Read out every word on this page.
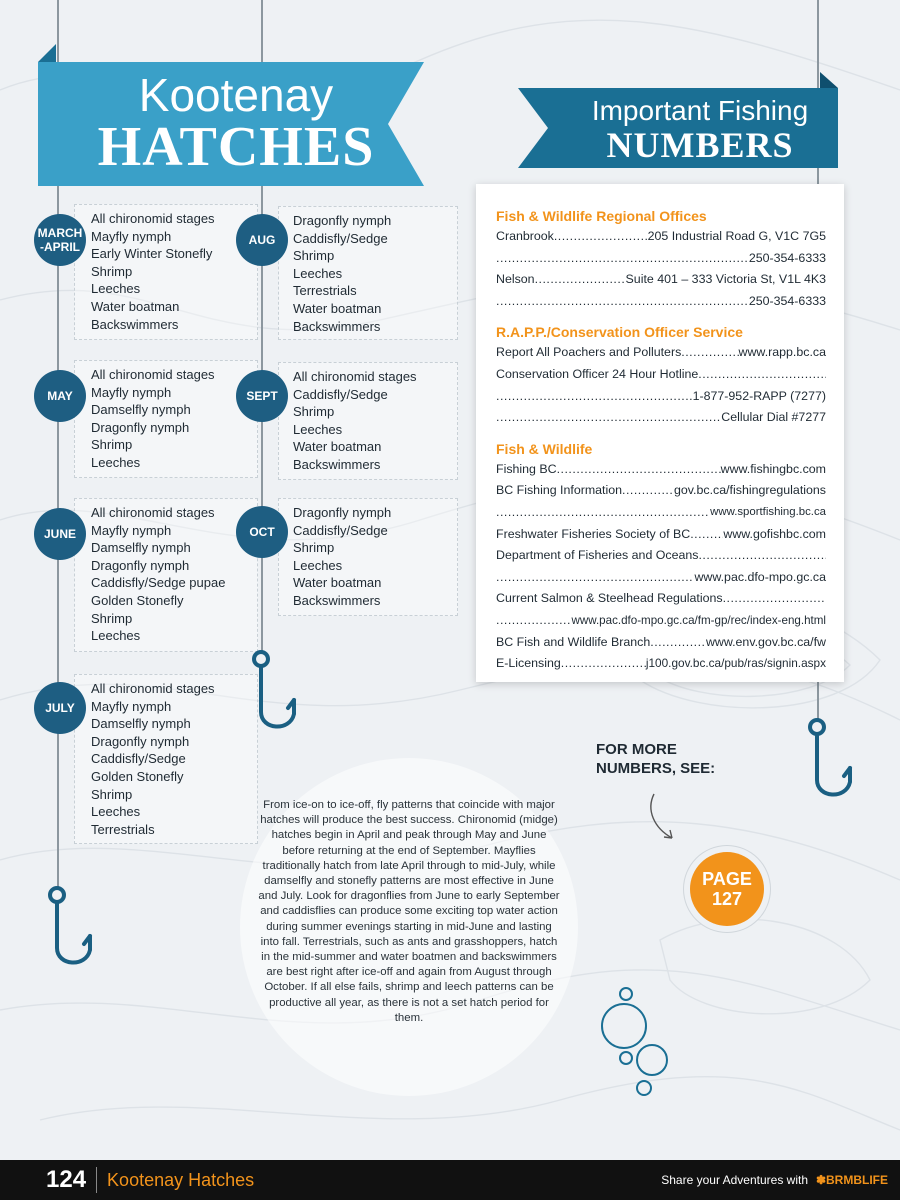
Kootenay
HATCHES
Important Fishing
NUMBERS
MARCH
-APRIL
All chironomid stages
Mayfly nymph
Early Winter Stonefly
Shrimp
Leeches
Water boatman
Backswimmers
MAY
All chironomid stages
Mayfly nymph
Damselfly nymph
Dragonfly nymph
Shrimp
Leeches
JUNE
All chironomid stages
Mayfly nymph
Damselfly nymph
Dragonfly nymph
Caddisfly/Sedge pupae
Golden Stonefly
Shrimp
Leeches
JULY
All chironomid stages
Mayfly nymph
Damselfly nymph
Dragonfly nymph
Caddisfly/Sedge
Golden Stonefly
Shrimp
Leeches
Terrestrials
AUG
Dragonfly nymph
Caddisfly/Sedge
Shrimp
Leeches
Terrestrials
Water boatman
Backswimmers
SEPT
All chironomid stages
Caddisfly/Sedge
Shrimp
Leeches
Water boatman
Backswimmers
OCT
Dragonfly nymph
Caddisfly/Sedge
Shrimp
Leeches
Water boatman
Backswimmers
Fish & Wildlife Regional Offices
Cranbrook .....	205 Industrial Road G, V1C 7G5
.....
250-354-6333
Nelson .....	Suite 401 – 333 Victoria St, V1L 4K3
.....
250-354-6333
R.A.P.P./Conservation Officer Service
Report All Poachers and Polluters .....	www.rapp.bc.ca
Conservation Officer 24 Hour Hotline
.....
.....
1-877-952-RAPP (7277)
.....
Cellular Dial #7277
Fish & Wildlife
Fishing BC .....	www.fishingbc.com
BC Fishing Information .....	gov.bc.ca/fishingregulations
.....
www.sportfishing.bc.ca
Freshwater Fisheries Society of BC .....	www.gofishbc.com
Department of Fisheries and Oceans
.....
.....
www.pac.dfo-mpo.gc.ca
Current Salmon & Steelhead Regulations
.....
.....
www.pac.dfo-mpo.gc.ca/fm-gp/rec/index-eng.html
BC Fish and Wildlife Branch .....	www.env.gov.bc.ca/fw
E-Licensing .....	j100.gov.bc.ca/pub/ras/signin.aspx
From ice-on to ice-off, fly patterns that coincide with major hatches will produce the best success. Chironomid (midge) hatches begin in April and peak through May and June before returning at the end of September. Mayflies traditionally hatch from late April through to mid-July, while damselfly and stonefly patterns are most effective in June and July. Look for dragonflies from June to early September and caddisflies can produce some exciting top water action during summer evenings starting in mid-June and lasting into fall. Terrestrials, such as ants and grasshoppers, hatch in the mid-summer and water boatmen and backswimmers are best right after ice-off and again from August through October. If all else fails, shrimp and leech patterns can be productive all year, as there is not a set hatch period for them.
FOR MORE
NUMBERS, SEE:
PAGE
127
124 Kootenay Hatches	Share your Adventures with ✽BRMBLIFE
